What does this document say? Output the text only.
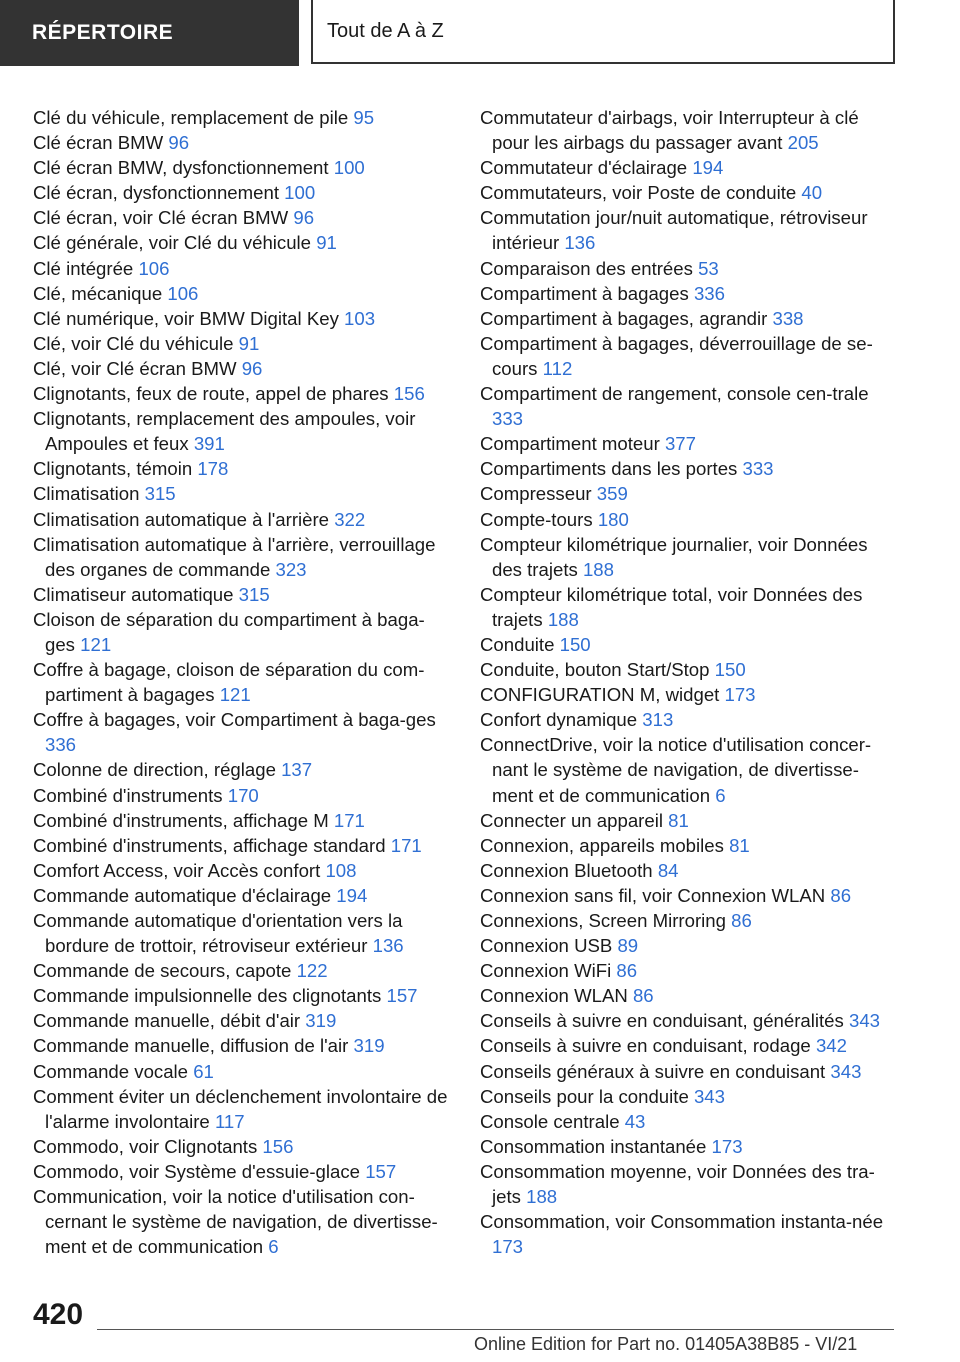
RÉPERTOIRE	Tout de A à Z
Clé du véhicule, remplacement de pile 95
Clé écran BMW 96
Clé écran BMW, dysfonctionnement 100
Clé écran, dysfonctionnement 100
Clé écran, voir Clé écran BMW 96
Clé générale, voir Clé du véhicule 91
Clé intégrée 106
Clé, mécanique 106
Clé numérique, voir BMW Digital Key 103
Clé, voir Clé du véhicule 91
Clé, voir Clé écran BMW 96
Clignotants, feux de route, appel de phares 156
Clignotants, remplacement des ampoules, voir Ampoules et feux 391
Clignotants, témoin 178
Climatisation 315
Climatisation automatique à l'arrière 322
Climatisation automatique à l'arrière, verrouillage des organes de commande 323
Climatiseur automatique 315
Cloison de séparation du compartiment à baga-ges 121
Coffre à bagage, cloison de séparation du com-partiment à bagages 121
Coffre à bagages, voir Compartiment à baga-ges 336
Colonne de direction, réglage 137
Combiné d'instruments 170
Combiné d'instruments, affichage M 171
Combiné d'instruments, affichage standard 171
Comfort Access, voir Accès confort 108
Commande automatique d'éclairage 194
Commande automatique d'orientation vers la bordure de trottoir, rétroviseur extérieur 136
Commande de secours, capote 122
Commande impulsionnelle des clignotants 157
Commande manuelle, débit d'air 319
Commande manuelle, diffusion de l'air 319
Commande vocale 61
Comment éviter un déclenchement involontaire de l'alarme involontaire 117
Commodo, voir Clignotants 156
Commodo, voir Système d'essuie-glace 157
Communication, voir la notice d'utilisation con-cernant le système de navigation, de divertisse-ment et de communication 6
Commutateur d'airbags, voir Interrupteur à clé pour les airbags du passager avant 205
Commutateur d'éclairage 194
Commutateurs, voir Poste de conduite 40
Commutation jour/nuit automatique, rétroviseur intérieur 136
Comparaison des entrées 53
Compartiment à bagages 336
Compartiment à bagages, agrandir 338
Compartiment à bagages, déverrouillage de se-cours 112
Compartiment de rangement, console cen-trale 333
Compartiment moteur 377
Compartiments dans les portes 333
Compresseur 359
Compte-tours 180
Compteur kilométrique journalier, voir Données des trajets 188
Compteur kilométrique total, voir Données des trajets 188
Conduite 150
Conduite, bouton Start/Stop 150
CONFIGURATION M, widget 173
Confort dynamique 313
ConnectDrive, voir la notice d'utilisation concer-nant le système de navigation, de divertisse-ment et de communication 6
Connecter un appareil 81
Connexion, appareils mobiles 81
Connexion Bluetooth 84
Connexion sans fil, voir Connexion WLAN 86
Connexions, Screen Mirroring 86
Connexion USB 89
Connexion WiFi 86
Connexion WLAN 86
Conseils à suivre en conduisant, généralités 343
Conseils à suivre en conduisant, rodage 342
Conseils généraux à suivre en conduisant 343
Conseils pour la conduite 343
Console centrale 43
Consommation instantanée 173
Consommation moyenne, voir Données des tra-jets 188
Consommation, voir Consommation instanta-née 173
420
Online Edition for Part no. 01405A38B85 - VI/21
